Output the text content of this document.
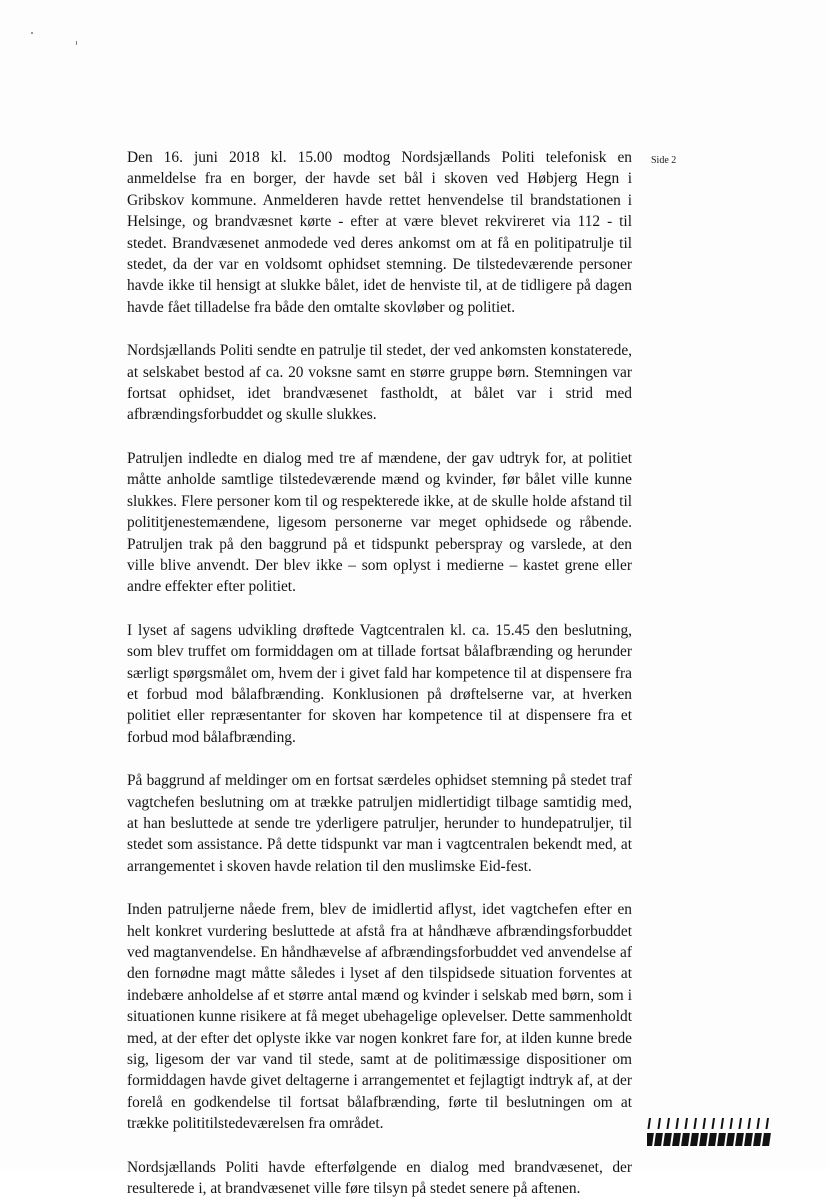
Side 2

Den 16. juni 2018 kl. 15.00 modtog Nordsjællands Politi telefonisk en anmeldelse fra en borger, der havde set bål i skoven ved Høbjerg Hegn i Gribskov kommune. Anmelderen havde rettet henvendelse til brandstationen i Helsinge, og brandvæsnet kørte - efter at være blevet rekvireret via 112 - til stedet. Brandvæsenet anmodede ved deres ankomst om at få en politipatrulje til stedet, da der var en voldsomt ophidset stemning. De tilstedeværende personer havde ikke til hensigt at slukke bålet, idet de henviste til, at de tidligere på dagen havde fået tilladelse fra både den omtalte skovløber og politiet.

Nordsjællands Politi sendte en patrulje til stedet, der ved ankomsten konstaterede, at selskabet bestod af ca. 20 voksne samt en større gruppe børn. Stemningen var fortsat ophidset, idet brandvæsenet fastholdt, at bålet var i strid med afbrændingsforbuddet og skulle slukkes.

Patruljen indledte en dialog med tre af mændene, der gav udtryk for, at politiet måtte anholde samtlige tilstedeværende mænd og kvinder, før bålet ville kunne slukkes. Flere personer kom til og respekterede ikke, at de skulle holde afstand til polititjenestemændene, ligesom personerne var meget ophidsede og råbende. Patruljen trak på den baggrund på et tidspunkt peberspray og varslede, at den ville blive anvendt. Der blev ikke – som oplyst i medierne – kastet grene eller andre effekter efter politiet.

I lyset af sagens udvikling drøftede Vagtcentralen kl. ca. 15.45 den beslutning, som blev truffet om formiddagen om at tillade fortsat bålafbrænding og herunder særligt spørgsmålet om, hvem der i givet fald har kompetence til at dispensere fra et forbud mod bålafbrænding. Konklusionen på drøftelserne var, at hverken politiet eller repræsentanter for skoven har kompetence til at dispensere fra et forbud mod bålafbrænding.

På baggrund af meldinger om en fortsat særdeles ophidset stemning på stedet traf vagtchefen beslutning om at trække patruljen midlertidigt tilbage samtidig med, at han besluttede at sende tre yderligere patruljer, herunder to hundepatruljer, til stedet som assistance. På dette tidspunkt var man i vagtcentralen bekendt med, at arrangementet i skoven havde relation til den muslimske Eid-fest.

Inden patruljerne nåede frem, blev de imidlertid aflyst, idet vagtchefen efter en helt konkret vurdering besluttede at afstå fra at håndhæve afbrændingsforbuddet ved magtanvendelse. En håndhævelse af afbrændingsforbuddet ved anvendelse af den fornødne magt måtte således i lyset af den tilspidsede situation forventes at indebære anholdelse af et større antal mænd og kvinder i selskab med børn, som i situationen kunne risikere at få meget ubehagelige oplevelser. Dette sammenholdt med, at der efter det oplyste ikke var nogen konkret fare for, at ilden kunne brede sig, ligesom der var vand til stede, samt at de politimæssige dispositioner om formiddagen havde givet deltagerne i arrangementet et fejlagtigt indtryk af, at der forelå en godkendelse til fortsat bålafbrænding, førte til beslutningen om at trække polititilstedeværelsen fra området.

Nordsjællands Politi havde efterfølgende en dialog med brandvæsenet, der resulterede i, at brandvæsenet ville føre tilsyn på stedet senere på aftenen.
